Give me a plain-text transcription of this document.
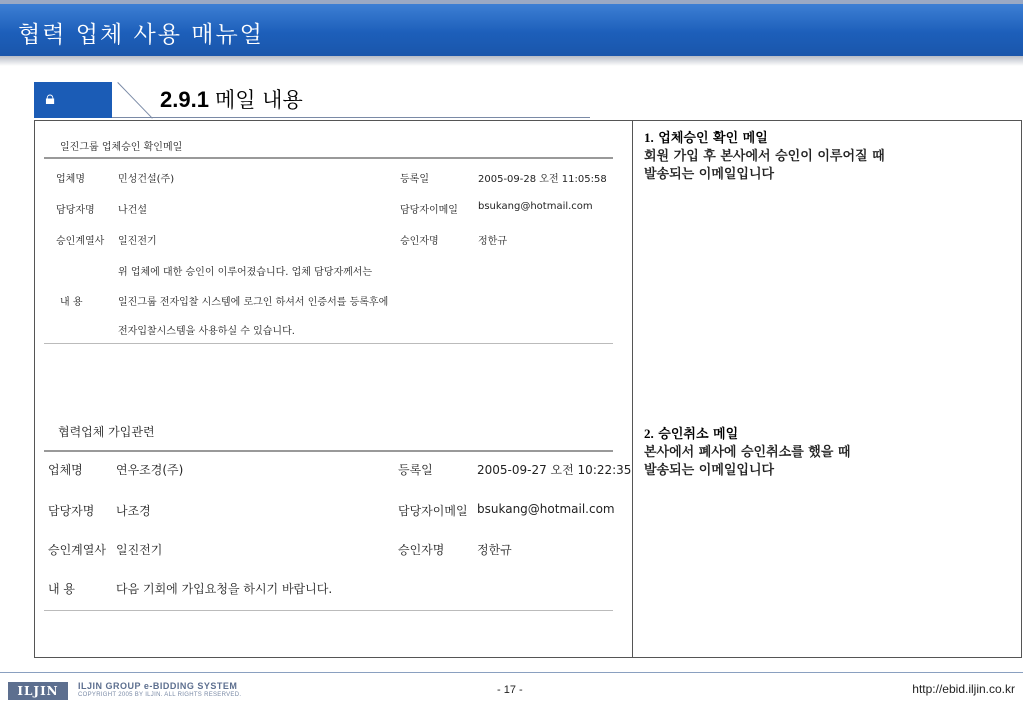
협력 업체 사용 매뉴얼
🔒︎	2.9.1 메일 내용
일진그룹 업체승인 확인메일
업체명	민성건설(주)	등록일	2005-09-28 오전 11:05:58
담당자명 나건설	담당자이메일 bsukang@hotmail.com
승인계열사 일진전기	승인자명	정한규
위 업체에 대한 승인이 이루어졌습니다. 업체 담당자께서는
내 용	일진그룹 전자입찰 시스템에 로그인 하셔서 인증서를 등록후에
전자입찰시스템을 사용하실 수 있습니다.
협력업체 가입관련
업체명	연우조경(주)	등록일	2005-09-27 오전 10:22:35
담당자명 나조경	담당자이메일 bsukang@hotmail.com
승인계열사 일진전기	승인자명	정한규
내 용	다음 기회에 가입요청을 하시기 바랍니다.
1. 업체승인 확인 메일
회원 가입 후 본사에서 승인이 이루어질 때
발송되는 이메일입니다
2. 승인취소 메일
본사에서 폐사에 승인취소를 했을 때
발송되는 이메일입니다
ILJIN	ILJIN GROUP e-BIDDING SYSTEM
COPYRIGHT 2005 BY ILJIN. ALL RIGHTS RESERVED.	- 17 -	http://ebid.iljin.co.kr
